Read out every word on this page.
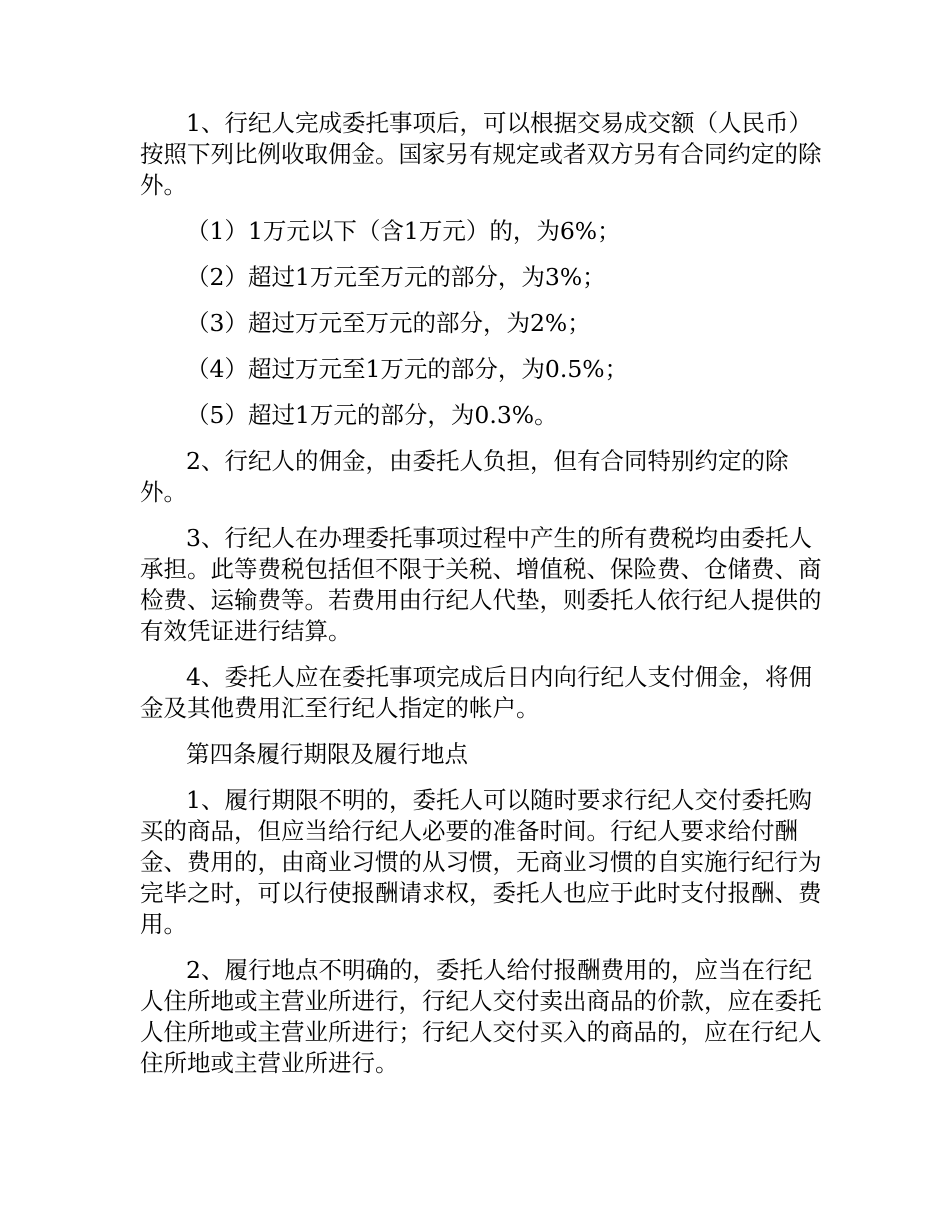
1、行纪人完成委托事项后，可以根据交易成交额（人民币）按照下列比例收取佣金。国家另有规定或者双方另有合同约定的除外。

（1）1万元以下（含1万元）的，为6%；

（2）超过1万元至万元的部分，为3%；

（3）超过万元至万元的部分，为2%；

（4）超过万元至1万元的部分，为0.5%；

（5）超过1万元的部分，为0.3%。

2、行纪人的佣金，由委托人负担，但有合同特别约定的除外。

3、行纪人在办理委托事项过程中产生的所有费税均由委托人承担。此等费税包括但不限于关税、增值税、保险费、仓储费、商检费、运输费等。若费用由行纪人代垫，则委托人依行纪人提供的有效凭证进行结算。

4、委托人应在委托事项完成后日内向行纪人支付佣金，将佣金及其他费用汇至行纪人指定的帐户。

第四条履行期限及履行地点

1、履行期限不明的，委托人可以随时要求行纪人交付委托购买的商品，但应当给行纪人必要的准备时间。行纪人要求给付酬金、费用的，由商业习惯的从习惯，无商业习惯的自实施行纪行为完毕之时，可以行使报酬请求权，委托人也应于此时支付报酬、费用。

2、履行地点不明确的，委托人给付报酬费用的，应当在行纪人住所地或主营业所进行，行纪人交付卖出商品的价款，应在委托人住所地或主营业所进行；行纪人交付买入的商品的，应在行纪人住所地或主营业所进行。
